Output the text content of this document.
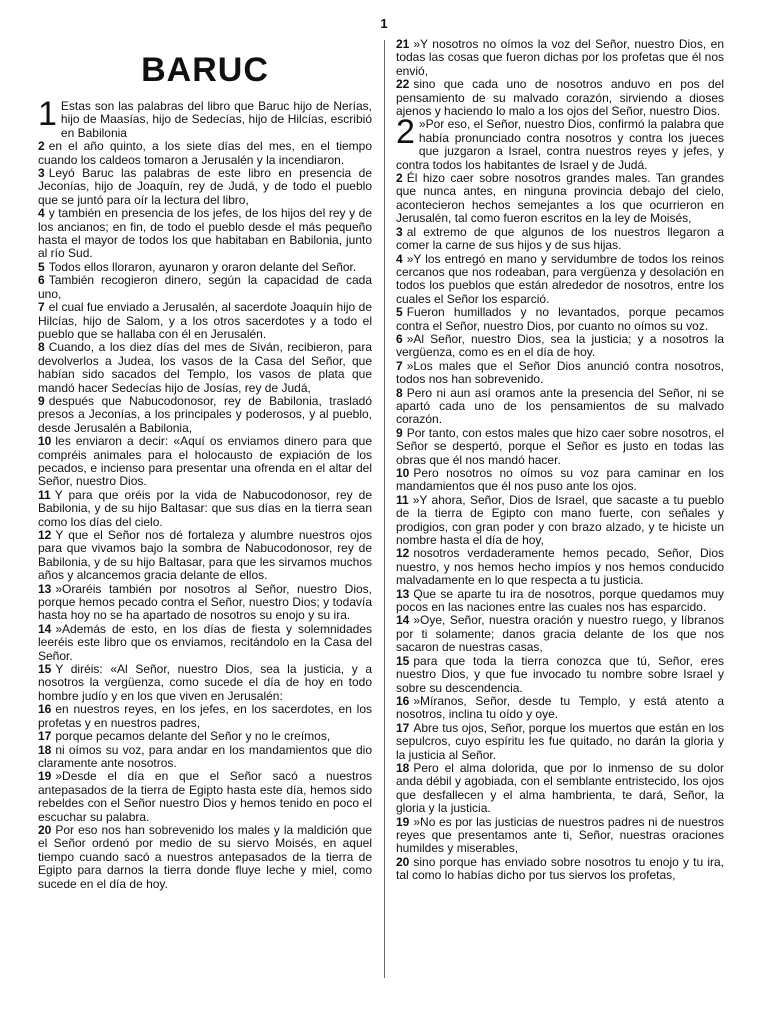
1
BARUC

1 Estas son las palabras del libro que Baruc hijo de Nerías, hijo de Maasías, hijo de Sedecías, hijo de Hilcías, escribió en Babilonia

2 en el año quinto, a los siete días del mes, en el tiempo cuando los caldeos tomaron a Jerusalén y la incendiaron.

3 Leyó Baruc las palabras de este libro en presencia de Jeconías, hijo de Joaquín, rey de Judá, y de todo el pueblo que se juntó para oír la lectura del libro,

4 y también en presencia de los jefes, de los hijos del rey y de los ancianos; en fin, de todo el pueblo desde el más pequeño hasta el mayor de todos los que habitaban en Babilonia, junto al río Sud.

5 Todos ellos lloraron, ayunaron y oraron delante del Señor.

6 También recogieron dinero, según la capacidad de cada uno,

7 el cual fue enviado a Jerusalén, al sacerdote Joaquín hijo de Hilcías, hijo de Salom, y a los otros sacerdotes y a todo el pueblo que se hallaba con él en Jerusalén.

8 Cuando, a los diez días del mes de Siván, recibieron, para devolverlos a Judea, los vasos de la Casa del Señor, que habían sido sacados del Templo, los vasos de plata que mandó hacer Sedecías hijo de Josías, rey de Judá,

9 después que Nabucodonosor, rey de Babilonia, trasladó presos a Jeconías, a los principales y poderosos, y al pueblo, desde Jerusalén a Babilonia,

10 les enviaron a decir: «Aquí os enviamos dinero para que compréis animales para el holocausto de expiación de los pecados, e incienso para presentar una ofrenda en el altar del Señor, nuestro Dios.

11 Y para que oréis por la vida de Nabucodonosor, rey de Babilonia, y de su hijo Baltasar: que sus días en la tierra sean como los días del cielo.

12 Y que el Señor nos dé fortaleza y alumbre nuestros ojos para que vivamos bajo la sombra de Nabucodonosor, rey de Babilonia, y de su hijo Baltasar, para que les sirvamos muchos años y alcancemos gracia delante de ellos.

13 »Oraréis también por nosotros al Señor, nuestro Dios, porque hemos pecado contra el Señor, nuestro Dios; y todavía hasta hoy no se ha apartado de nosotros su enojo y su ira.

14 »Además de esto, en los días de fiesta y solemnidades leeréis este libro que os enviamos, recitándolo en la Casa del Señor.

15 Y diréis: «Al Señor, nuestro Dios, sea la justicia, y a nosotros la vergüenza, como sucede el día de hoy en todo hombre judío y en los que viven en Jerusalén:

16 en nuestros reyes, en los jefes, en los sacerdotes, en los profetas y en nuestros padres,

17 porque pecamos delante del Señor y no le creímos,

18 ni oímos su voz, para andar en los mandamientos que dio claramente ante nosotros.

19 »Desde el día en que el Señor sacó a nuestros antepasados de la tierra de Egipto hasta este día, hemos sido rebeldes con el Señor nuestro Dios y hemos tenido en poco el escuchar su palabra.

20 Por eso nos han sobrevenido los males y la maldición que el Señor ordenó por medio de su siervo Moisés, en aquel tiempo cuando sacó a nuestros antepasados de la tierra de Egipto para darnos la tierra donde fluye leche y miel, como sucede en el día de hoy.

21 »Y nosotros no oímos la voz del Señor, nuestro Dios, en todas las cosas que fueron dichas por los profetas que él nos envió,

22 sino que cada uno de nosotros anduvo en pos del pensamiento de su malvado corazón, sirviendo a dioses ajenos y haciendo lo malo a los ojos del Señor, nuestro Dios.

2 »Por eso, el Señor, nuestro Dios, confirmó la palabra que había pronunciado contra nosotros y contra los jueces que juzgaron a Israel, contra nuestros reyes y jefes, y contra todos los habitantes de Israel y de Judá.

2 Él hizo caer sobre nosotros grandes males. Tan grandes que nunca antes, en ninguna provincia debajo del cielo, acontecieron hechos semejantes a los que ocurrieron en Jerusalén, tal como fueron escritos en la ley de Moisés,

3 al extremo de que algunos de los nuestros llegaron a comer la carne de sus hijos y de sus hijas.

4 »Y los entregó en mano y servidumbre de todos los reinos cercanos que nos rodeaban, para vergüenza y desolación en todos los pueblos que están alrededor de nosotros, entre los cuales el Señor los esparció.

5 Fueron humillados y no levantados, porque pecamos contra el Señor, nuestro Dios, por cuanto no oímos su voz.

6 »Al Señor, nuestro Dios, sea la justicia; y a nosotros la vergüenza, como es en el día de hoy.

7 »Los males que el Señor Dios anunció contra nosotros, todos nos han sobrevenido.

8 Pero ni aun así oramos ante la presencia del Señor, ni se apartó cada uno de los pensamientos de su malvado corazón.

9 Por tanto, con estos males que hizo caer sobre nosotros, el Señor se despertó, porque el Señor es justo en todas las obras que él nos mandó hacer.

10 Pero nosotros no oímos su voz para caminar en los mandamientos que él nos puso ante los ojos.

11 »Y ahora, Señor, Dios de Israel, que sacaste a tu pueblo de la tierra de Egipto con mano fuerte, con señales y prodigios, con gran poder y con brazo alzado, y te hiciste un nombre hasta el día de hoy,

12 nosotros verdaderamente hemos pecado, Señor, Dios nuestro, y nos hemos hecho impíos y nos hemos conducido malvadamente en lo que respecta a tu justicia.

13 Que se aparte tu ira de nosotros, porque quedamos muy pocos en las naciones entre las cuales nos has esparcido.

14 »Oye, Señor, nuestra oración y nuestro ruego, y líbranos por ti solamente; danos gracia delante de los que nos sacaron de nuestras casas,

15 para que toda la tierra conozca que tú, Señor, eres nuestro Dios, y que fue invocado tu nombre sobre Israel y sobre su descendencia.

16 »Míranos, Señor, desde tu Templo, y está atento a nosotros, inclina tu oído y oye.

17 Abre tus ojos, Señor, porque los muertos que están en los sepulcros, cuyo espíritu les fue quitado, no darán la gloria y la justicia al Señor.

18 Pero el alma dolorida, que por lo inmenso de su dolor anda débil y agobiada, con el semblante entristecido, los ojos que desfallecen y el alma hambrienta, te dará, Señor, la gloria y la justicia.

19 »No es por las justicias de nuestros padres ni de nuestros reyes que presentamos ante ti, Señor, nuestras oraciones humildes y miserables,

20 sino porque has enviado sobre nosotros tu enojo y tu ira, tal como lo habías dicho por tus siervos los profetas,
